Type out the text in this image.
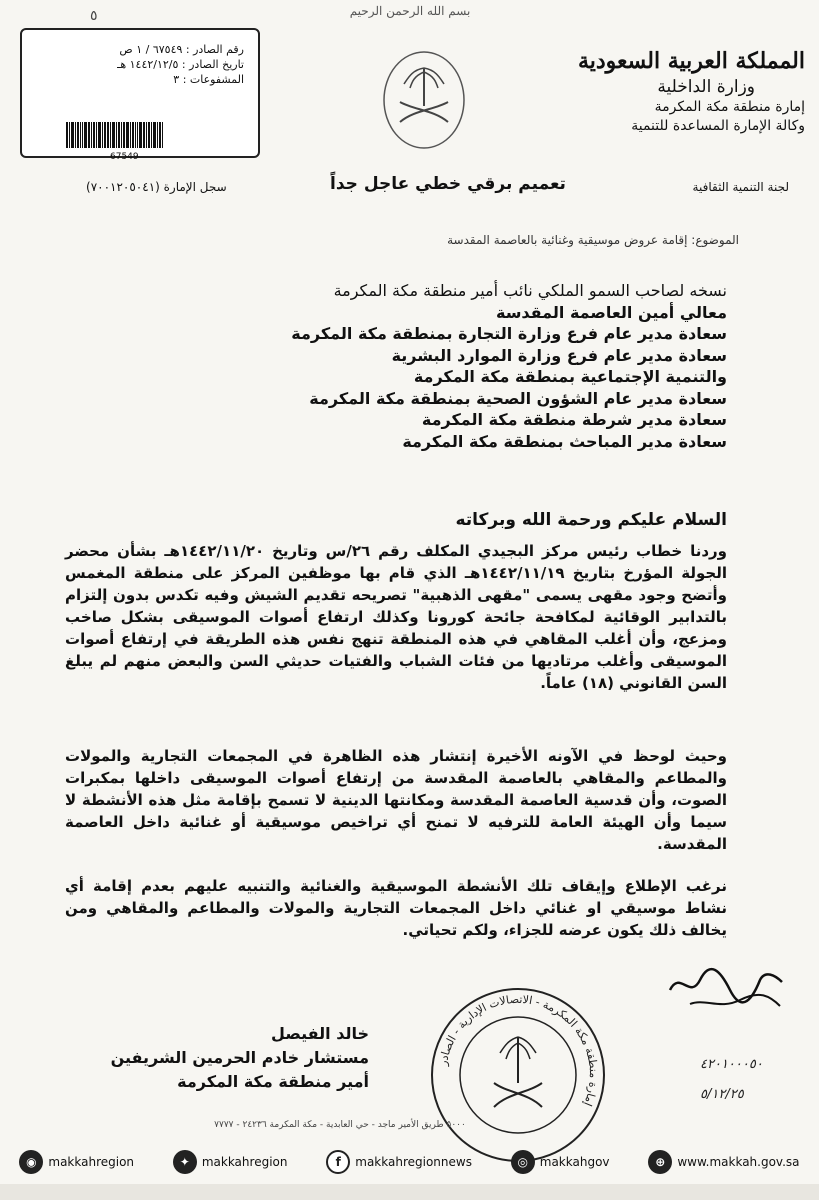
٥	بسم الله الرحمن الرحيم
رقم الصادر : ٦٧٥٤٩ / ١ ص
تاريخ الصادر : ١٤٤٢/١٢/٥ هـ
المشفوعات : ٣
67549
المملكة العربية السعودية
وزارة الداخلية
إمارة منطقة مكة المكرمة
وكالة الإمارة المساعدة للتنمية
لجنة التنمية الثقافية
تعميم برقي خطي عاجل جداً
سجل الإمارة (٧٠٠١٢٠٥٠٤١)
الموضوع: إقامة عروض موسيقية وغنائية بالعاصمة المقدسة
نسخه لصاحب السمو الملكي نائب أمير منطقة مكة المكرمة
معالي أمين العاصمة المقدسة
سعادة مدير عام فرع وزارة التجارة بمنطقة مكة المكرمة
سعادة مدير عام فرع وزارة الموارد البشرية
والتنمية الإجتماعية بمنطقة مكة المكرمة
سعادة مدير عام الشؤون الصحية بمنطقة مكة المكرمة
سعادة مدير شرطة منطقة مكة المكرمة
سعادة مدير المباحث بمنطقة مكة المكرمة
السلام عليكم ورحمة الله وبركاته
وردنا خطاب رئيس مركز البجيدي المكلف رقم ٢٦/س وتاريخ ١٤٤٢/١١/٢٠هـ بشأن محضر الجولة المؤرخ بتاريخ ١٤٤٢/١١/١٩هـ الذي قام بها موظفين المركز على منطقة المغمس وأتضح وجود مقهى يسمى "مقهى الذهبية" تصريحه تقديم الشيش وفيه تكدس بدون إلتزام بالتدابير الوقائية لمكافحة جائحة كورونا وكذلك ارتفاع أصوات الموسيقى بشكل صاخب ومزعج، وأن أغلب المقاهي في هذه المنطقة تنهج نفس هذه الطريقة في إرتفاع أصوات الموسيقى وأغلب مرتاديها من فئات الشباب والفتيات حديثي السن والبعض منهم لم يبلغ السن القانوني (١٨) عاماً.
وحيث لوحظ في الآونه الأخيرة إنتشار هذه الظاهرة في المجمعات التجارية والمولات والمطاعم والمقاهي بالعاصمة المقدسة من إرتفاع أصوات الموسيقى داخلها بمكبرات الصوت، وأن قدسية العاصمة المقدسة ومكانتها الدينية لا تسمح بإقامة مثل هذه الأنشطة لا سيما وأن الهيئة العامة للترفيه لا تمنح أي تراخيص موسيقية أو غنائية داخل العاصمة المقدسة.
نرغب الإطلاع وإيقاف تلك الأنشطة الموسيقية والغنائية والتنبيه عليهم بعدم إقامة أي نشاط موسيقي او غنائي داخل المجمعات التجارية والمولات والمطاعم والمقاهي ومن يخالف ذلك يكون عرضه للجزاء، ولكم تحياتي.
خالد الفيصل
مستشار خادم الحرمين الشريفين
أمير منطقة مكة المكرمة
إمارة منطقة مكة المكرمة - الاتصالات الإدارية - الصادر
٤٢٠١٠٠٠٥٠
٥/١٢/٢٥
٥٠٠٠ طريق الأمير ماجد - حي العابدية - مكة المكرمة ٢٤٢٣٦ - ٧٧٧٧
◉ makkahregion	✦ makkahregion	f	makkahregionnews	◎ makkahgov	⊕ www.makkah.gov.sa
